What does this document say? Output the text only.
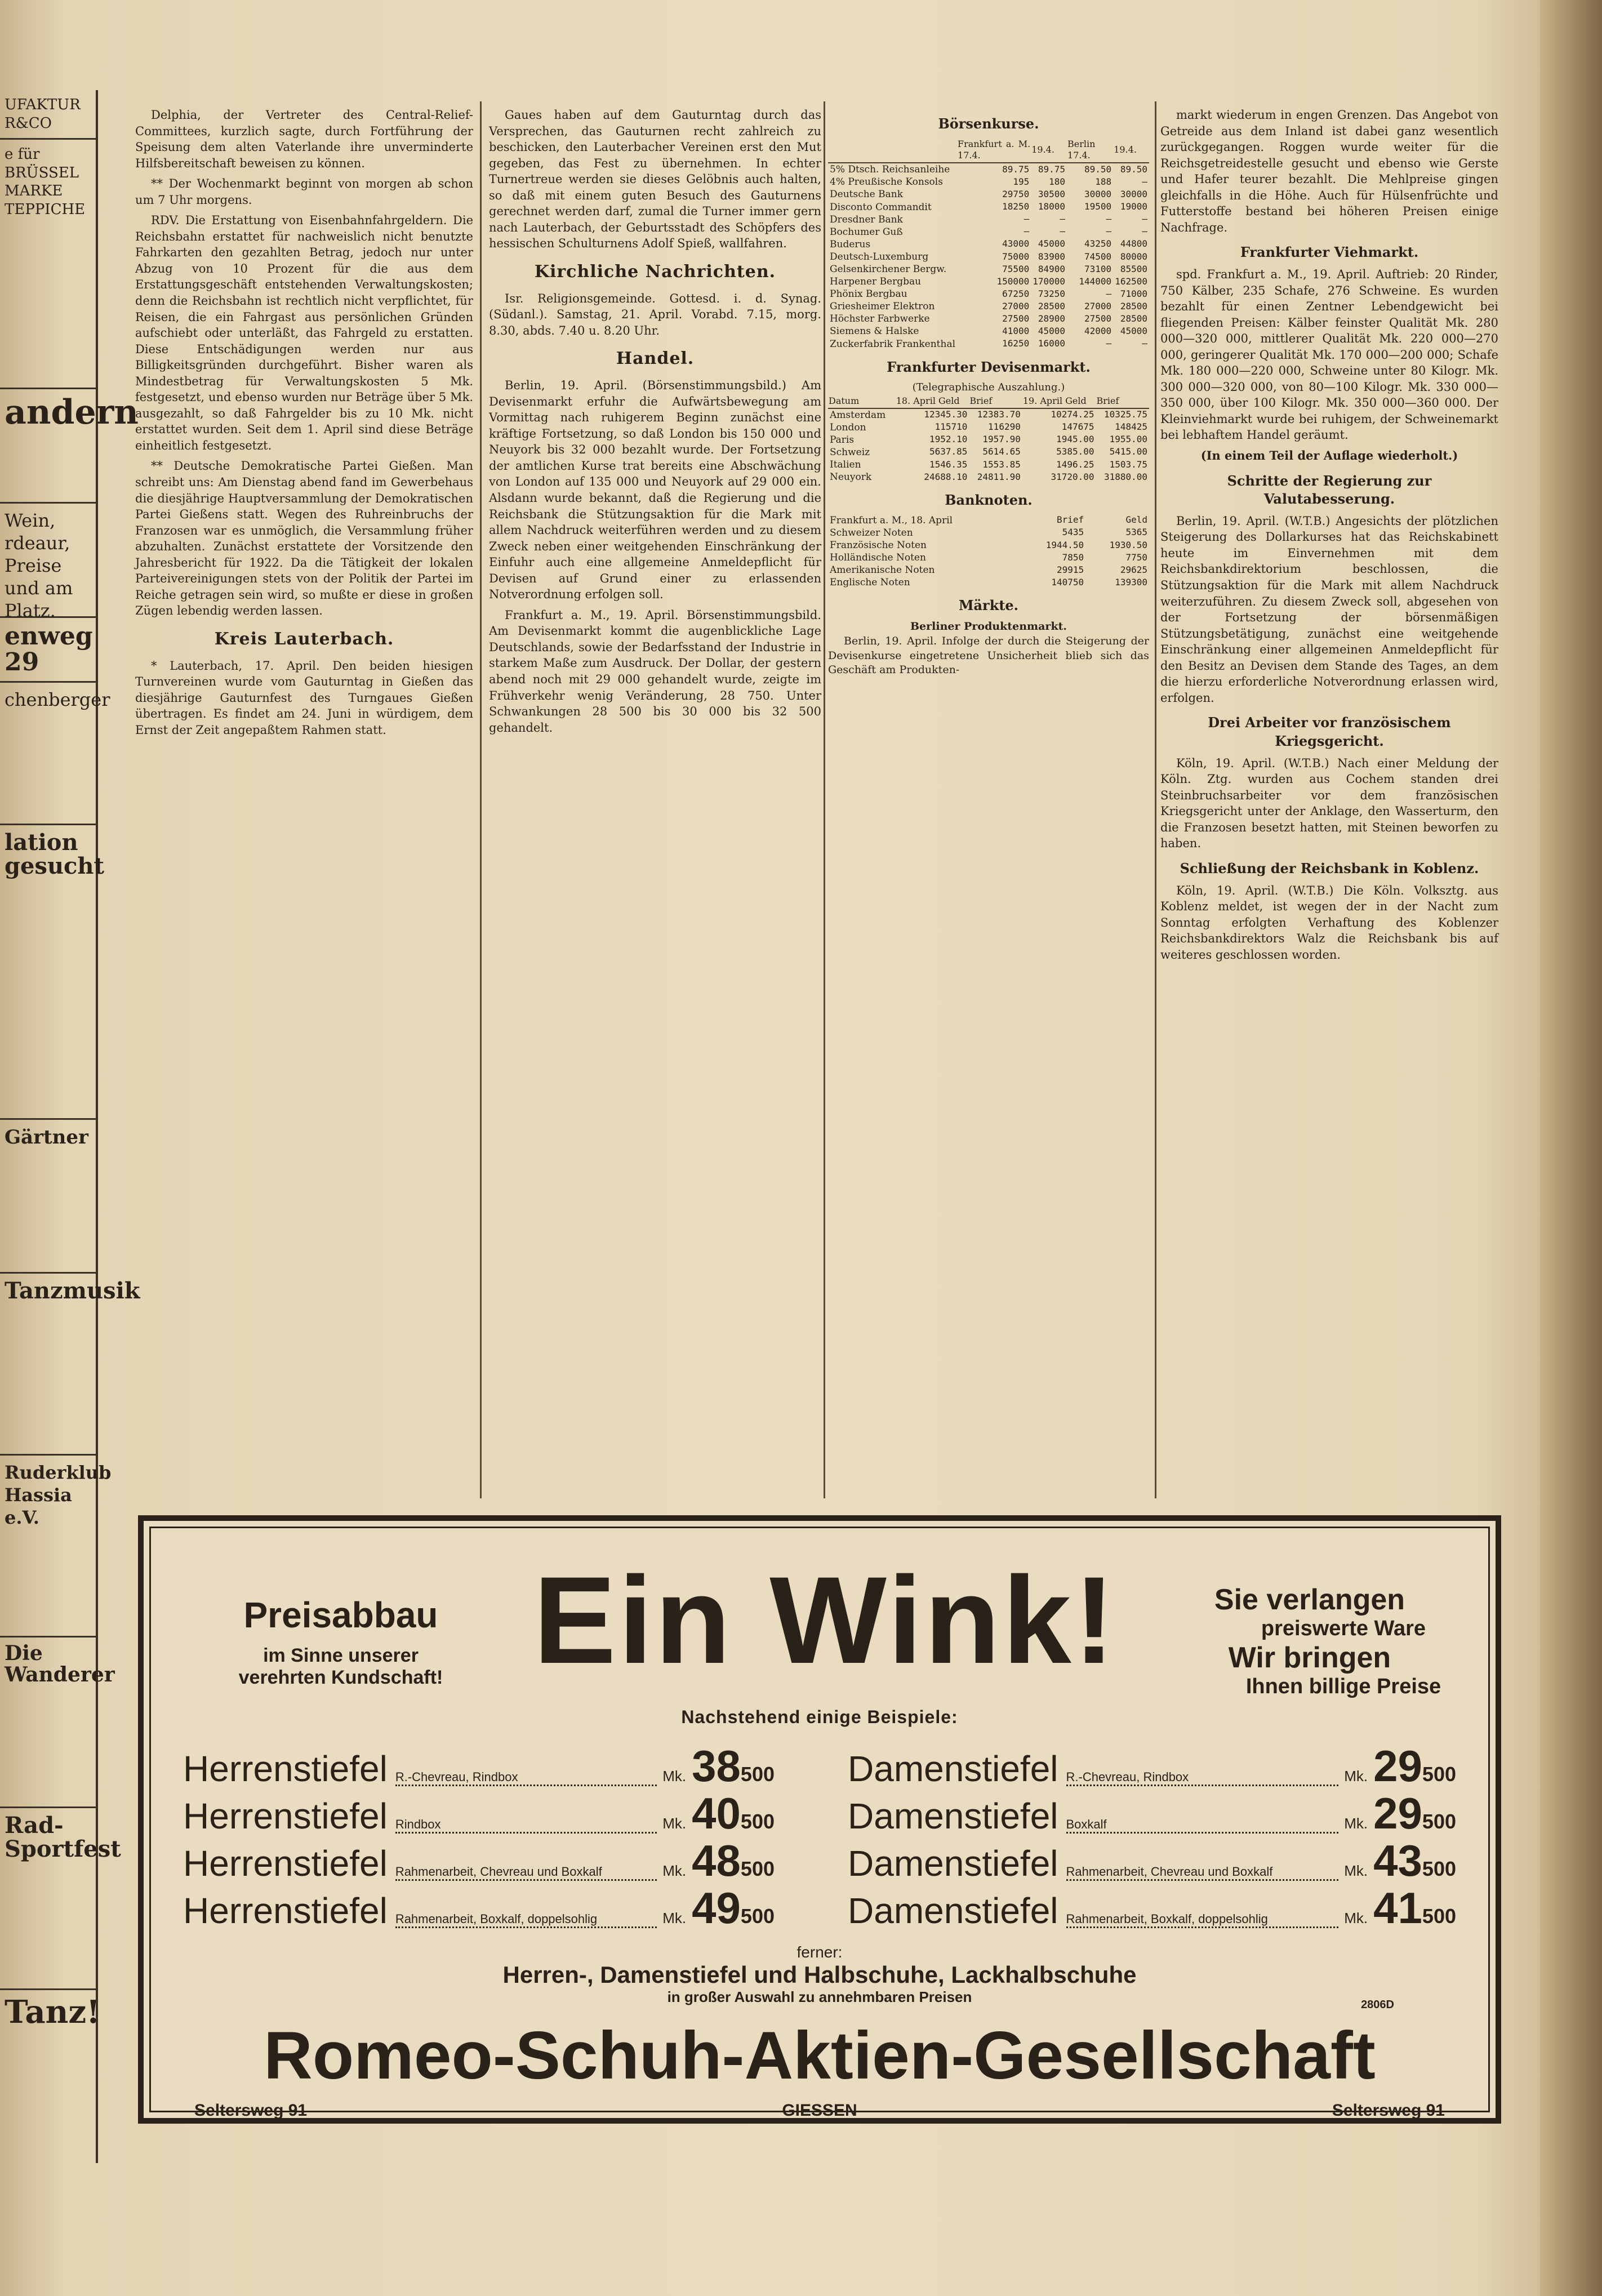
UFAKTUR R&CO
e für BRÜSSEL MARKE TEPPICHE
andern
Wein, rdeaur, Preise und am Platz.
enweg 29
chenberger
lation gesucht
Gärtner
Tanzmusik
Ruderklub Hassia e.V.
Die Wanderer
Rad-Sportfest
Tanz!

Delphia, der Vertreter des Central-Relief-Committees, kurzlich sagte, durch Fortführung der Speisung dem alten Vaterlande ihre unverminderte Hilfsbereitschaft beweisen zu können.

** Der Wochenmarkt beginnt von morgen ab schon um 7 Uhr morgens.

RDV. Die Erstattung von Eisenbahnfahrgeldern. Die Reichsbahn erstattet für nachweislich nicht benutzte Fahrkarten den gezahlten Betrag, jedoch nur unter Abzug von 10 Prozent für die aus dem Erstattungsgeschäft entstehenden Verwaltungskosten; denn die Reichsbahn ist rechtlich nicht verpflichtet, für Reisen, die ein Fahrgast aus persönlichen Gründen aufschiebt oder unterläßt, das Fahrgeld zu erstatten. Diese Entschädigungen werden nur aus Billigkeitsgründen durchgeführt. Bisher waren als Mindestbetrag für Verwaltungskosten 5 Mk. festgesetzt, und ebenso wurden nur Beträge über 5 Mk. ausgezahlt, so daß Fahrgelder bis zu 10 Mk. nicht erstattet wurden. Seit dem 1. April sind diese Beträge einheitlich festgesetzt.

** Deutsche Demokratische Partei Gießen. Man schreibt uns: Am Dienstag abend fand im Gewerbehaus die diesjährige Hauptversammlung der Demokratischen Partei Gießens statt. Wegen des Ruhreinbruchs der Franzosen war es unmöglich, die Versammlung früher abzuhalten. Zunächst erstattete der Vorsitzende den Jahresbericht für 1922. Da die Tätigkeit der lokalen Parteivereinigungen stets von der Politik der Partei im Reiche getragen sein wird, so mußte er diese in großen Zügen lebendig werden lassen.

Kreis Lauterbach.

* Lauterbach, 17. April. Den beiden hiesigen Turnvereinen wurde vom Gauturntag in Gießen das diesjährige Gauturnfest des Turngaues Gießen übertragen. Es findet am 24. Juni in würdigem, dem Ernst der Zeit angepaßtem Rahmen statt.

Gaues haben auf dem Gauturntag durch das Versprechen, das Gauturnen recht zahlreich zu beschicken, den Lauterbacher Vereinen erst den Mut gegeben, das Fest zu übernehmen. In echter Turnertreue werden sie dieses Gelöbnis auch halten, so daß mit einem guten Besuch des Gauturnens gerechnet werden darf, zumal die Turner immer gern nach Lauterbach, der Geburtsstadt des Schöpfers des hessischen Schulturnens Adolf Spieß, wallfahren.

Kirchliche Nachrichten.

Isr. Religionsgemeinde. Gottesd. i. d. Synag. (Südanl.). Samstag, 21. April. Vorabd. 7.15, morg. 8.30, abds. 7.40 u. 8.20 Uhr.

Handel.

Berlin, 19. April. (Börsenstimmungsbild.) Am Devisenmarkt erfuhr die Aufwärtsbewegung am Vormittag nach ruhigerem Beginn zunächst eine kräftige Fortsetzung, so daß London bis 150 000 und Neuyork bis 32 000 bezahlt wurde. Der Fortsetzung der amtlichen Kurse trat bereits eine Abschwächung von London auf 135 000 und Neuyork auf 29 000 ein. Alsdann wurde bekannt, daß die Regierung und die Reichsbank die Stützungsaktion für die Mark mit allem Nachdruck weiterführen werden und zu diesem Zweck neben einer weitgehenden Einschränkung der Einfuhr auch eine allgemeine Anmeldepflicht für Devisen auf Grund einer zu erlassenden Notverordnung erfolgen soll.

Frankfurt a. M., 19. April. Börsenstimmungsbild. Am Devisenmarkt kommt die augenblickliche Lage Deutschlands, sowie der Bedarfsstand der Industrie in starkem Maße zum Ausdruck. Der Dollar, der gestern abend noch mit 29 000 gehandelt wurde, zeigte im Frühverkehr wenig Veränderung, 28 750. Unter Schwankungen 28 500 bis 30 000 bis 32 500 gehandelt.

Börsenkurse.
	Frankfurt a. M. 17.4.	19.4.	Berlin 17.4.	19.4.
5% Dtsch. Reichsanleihe	89.75	89.75	89.50	89.50
4% Preußische Konsols	195	180	188	—
Deutsche Bank	29750	30500	30000	30000
Disconto Commandit	18250	18000	19500	19000
Dresdner Bank	—	—	—	—
Bochumer Guß	—	—	—	—
Buderus	43000	45000	43250	44800
Deutsch-Luxemburg	75000	83900	74500	80000
Gelsenkirchener Bergw.	75500	84900	73100	85500
Harpener Bergbau	150000	170000	144000	162500
Phönix Bergbau	67250	73250	—	71000
Griesheimer Elektron	27000	28500	27000	28500
Höchster Farbwerke	27500	28900	27500	28500
Siemens & Halske	41000	45000	42000	45000
Zuckerfabrik Frankenthal	16250	16000	—	—
Frankfurter Devisenmarkt.
(Telegraphische Auszahlung.)
Datum	18. April Geld	Brief	19. April Geld	Brief
Amsterdam	12345.30	12383.70	10274.25	10325.75
London	115710	116290	147675	148425
Paris	1952.10	1957.90	1945.00	1955.00
Schweiz	5637.85	5614.65	5385.00	5415.00
Italien	1546.35	1553.85	1496.25	1503.75
Neuyork	24688.10	24811.90	31720.00	31880.00
Banknoten.
Frankfurt a. M., 18. April	Brief	Geld
Schweizer Noten	5435	5365
Französische Noten	1944.50	1930.50
Holländische Noten	7850	7750
Amerikanische Noten	29915	29625
Englische Noten	140750	139300
Märkte.
Berliner Produktenmarkt.

Berlin, 19. April. Infolge der durch die Steigerung der Devisenkurse eingetretene Unsicherheit blieb sich das Geschäft am Produkten-

markt wiederum in engen Grenzen. Das Angebot von Getreide aus dem Inland ist dabei ganz wesentlich zurückgegangen. Roggen wurde weiter für die Reichsgetreidestelle gesucht und ebenso wie Gerste und Hafer teurer bezahlt. Die Mehlpreise gingen gleichfalls in die Höhe. Auch für Hülsenfrüchte und Futterstoffe bestand bei höheren Preisen einige Nachfrage.

Frankfurter Viehmarkt.

spd. Frankfurt a. M., 19. April. Auftrieb: 20 Rinder, 750 Kälber, 235 Schafe, 276 Schweine. Es wurden bezahlt für einen Zentner Lebendgewicht bei fliegenden Preisen: Kälber feinster Qualität Mk. 280 000—320 000, mittlerer Qualität Mk. 220 000—270 000, geringerer Qualität Mk. 170 000—200 000; Schafe Mk. 180 000—220 000, Schweine unter 80 Kilogr. Mk. 300 000—320 000, von 80—100 Kilogr. Mk. 330 000—350 000, über 100 Kilogr. Mk. 350 000—360 000. Der Kleinviehmarkt wurde bei ruhigem, der Schweinemarkt bei lebhaftem Handel geräumt.

(In einem Teil der Auflage wiederholt.)
Schritte der Regierung zur Valutabesserung.

Berlin, 19. April. (W.T.B.) Angesichts der plötzlichen Steigerung des Dollarkurses hat das Reichskabinett heute im Einvernehmen mit dem Reichsbankdirektorium beschlossen, die Stützungsaktion für die Mark mit allem Nachdruck weiterzuführen. Zu diesem Zweck soll, abgesehen von der Fortsetzung der börsenmäßigen Stützungsbetätigung, zunächst eine weitgehende Einschränkung einer allgemeinen Anmeldepflicht für den Besitz an Devisen dem Stande des Tages, an dem die hierzu erforderliche Notverordnung erlassen wird, erfolgen.

Drei Arbeiter vor französischem Kriegsgericht.

Köln, 19. April. (W.T.B.) Nach einer Meldung der Köln. Ztg. wurden aus Cochem standen drei Steinbruchsarbeiter vor dem französischen Kriegsgericht unter der Anklage, den Wasserturm, den die Franzosen besetzt hatten, mit Steinen beworfen zu haben.

Schließung der Reichsbank in Koblenz.

Köln, 19. April. (W.T.B.) Die Köln. Volksztg. aus Koblenz meldet, ist wegen der in der Nacht zum Sonntag erfolgten Verhaftung des Koblenzer Reichsbankdirektors Walz die Reichsbank bis auf weiteres geschlossen worden.

Preisabbau
im Sinne unserer
verehrten Kundschaft! Ein Wink!	Sie verlangen
preiswerte Ware
Wir bringen
Ihnen billige Preise
Nachstehend einige Beispiele:
Herrenstiefel R.-Chevreau, Rindbox	Mk. 38 500
Herrenstiefel Rindbox	Mk. 40 500
Herrenstiefel Rahmenarbeit, Chevreau und Boxkalf	Mk. 48 500
Herrenstiefel Rahmenarbeit, Boxkalf, doppelsohlig	Mk. 49 500
Damenstiefel R.-Chevreau, Rindbox	Mk. 29 500
Damenstiefel Boxkalf	Mk. 29 500
Damenstiefel Rahmenarbeit, Chevreau und Boxkalf	Mk. 43 500
Damenstiefel Rahmenarbeit, Boxkalf, doppelsohlig	Mk. 41 500
ferner:
Herren-, Damenstiefel und Halbschuhe, Lackhalbschuhe
in großer Auswahl zu annehmbaren Preisen	2806D
Romeo-Schuh-Aktien-Gesellschaft
Seltersweg 91	GIESSEN	Seltersweg 91
